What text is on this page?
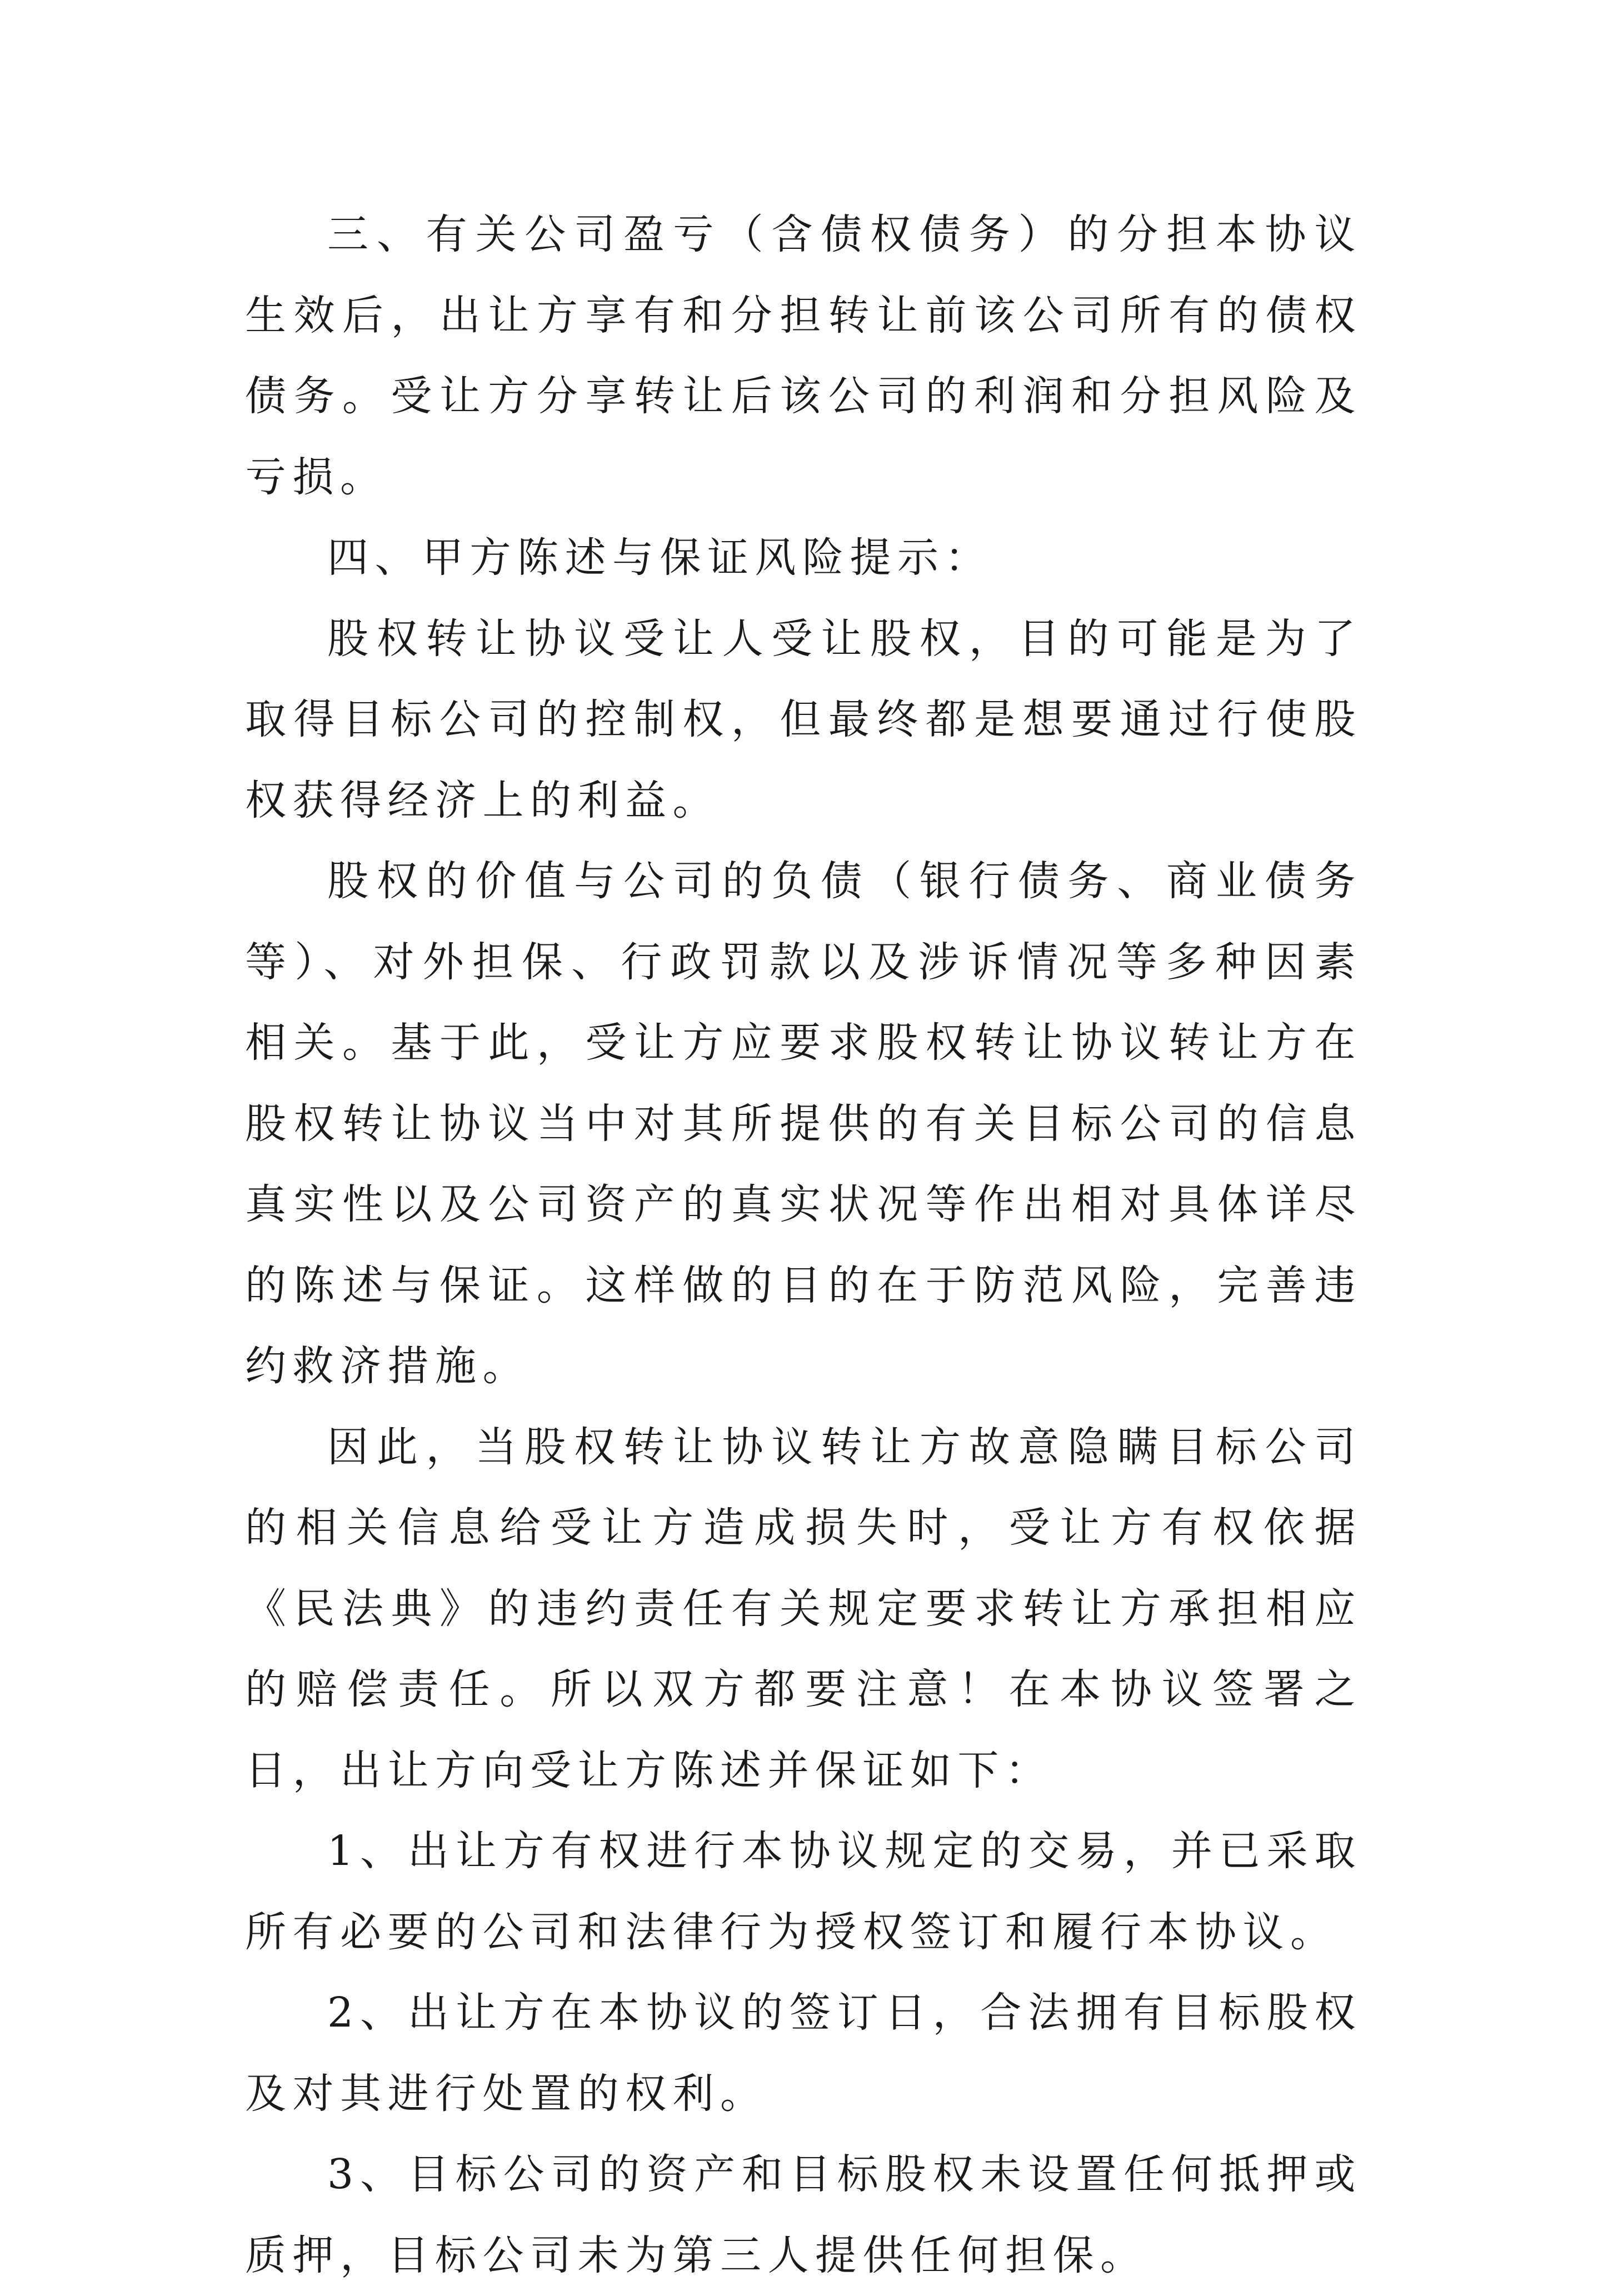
三、有关公司盈亏（含债权债务）的分担本协议生效后，出让方享有和分担转让前该公司所有的债权债务。受让方分享转让后该公司的利润和分担风险及亏损。

四、甲方陈述与保证风险提示：

股权转让协议受让人受让股权，目的可能是为了取得目标公司的控制权，但最终都是想要通过行使股权获得经济上的利益。

股权的价值与公司的负债（银行债务、商业债务等）、对外担保、行政罚款以及涉诉情况等多种因素相关。基于此，受让方应要求股权转让协议转让方在股权转让协议当中对其所提供的有关目标公司的信息真实性以及公司资产的真实状况等作出相对具体详尽的陈述与保证。这样做的目的在于防范风险，完善违约救济措施。

因此，当股权转让协议转让方故意隐瞒目标公司的相关信息给受让方造成损失时，受让方有权依据《民法典》的违约责任有关规定要求转让方承担相应的赔偿责任。所以双方都要注意！在本协议签署之日，出让方向受让方陈述并保证如下：

1、出让方有权进行本协议规定的交易，并已采取所有必要的公司和法律行为授权签订和履行本协议。

2、出让方在本协议的签订日，合法拥有目标股权及对其进行处置的权利。

3、目标公司的资产和目标股权未设置任何抵押或质押，目标公司未为第三人提供任何担保。
